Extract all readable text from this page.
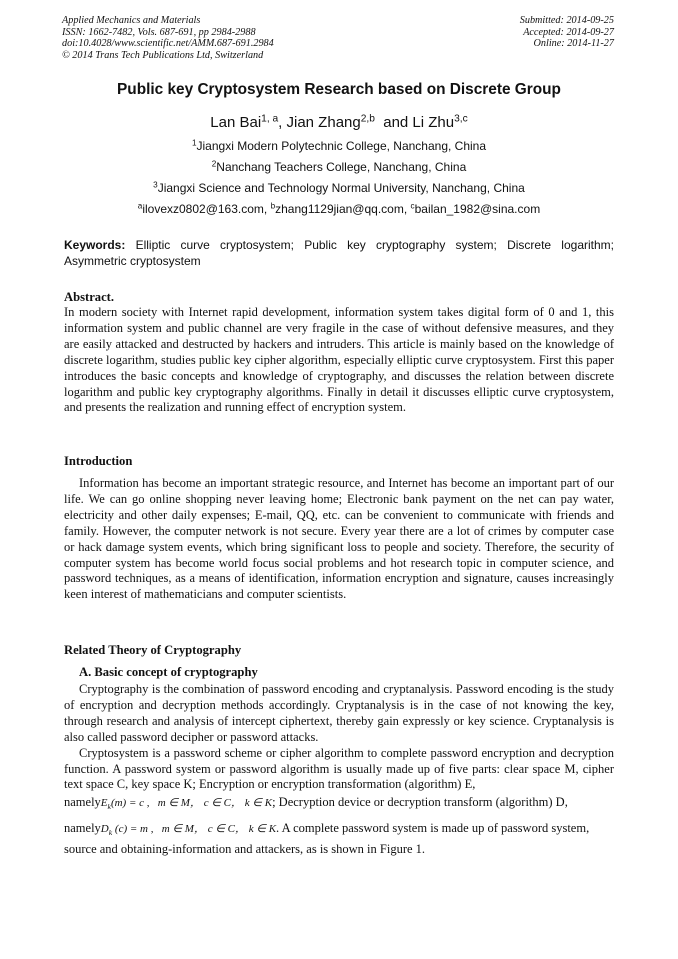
Applied Mechanics and Materials
ISSN: 1662-7482, Vols. 687-691, pp 2984-2988
doi:10.4028/www.scientific.net/AMM.687-691.2984
© 2014 Trans Tech Publications Ltd, Switzerland
Submitted: 2014-09-25
Accepted: 2014-09-27
Online: 2014-11-27
Public key Cryptosystem Research based on Discrete Group
Lan Bai$^{1, a}$, Jian Zhang$^{2,b}$  and Li Zhu$^{3,c}$
$^1$Jiangxi Modern Polytechnic College, Nanchang, China
$^2$Nanchang Teachers College, Nanchang, China
$^3$Jiangxi Science and Technology Normal University, Nanchang, China
$^a$ilovexz0802@163.com, $^b$zhang1129jian@qq.com, $^c$bailan_1982@sina.com
Keywords: Elliptic curve cryptosystem; Public key cryptography system; Discrete logarithm; Asymmetric cryptosystem
Abstract.
In modern society with Internet rapid development, information system takes digital form of 0 and 1, this information system and public channel are very fragile in the case of without defensive measures, and they are easily attacked and destructed by hackers and intruders. This article is mainly based on the knowledge of discrete logarithm, studies public key cipher algorithm, especially elliptic curve cryptosystem. First this paper introduces the basic concepts and knowledge of cryptography, and discusses the relation between discrete logarithm and public key cryptography algorithms. Finally in detail it discusses elliptic curve cryptosystem, and presents the realization and running effect of encryption system.
Introduction
Information has become an important strategic resource, and Internet has become an important part of our life. We can go online shopping never leaving home; Electronic bank payment on the net can pay water, electricity and other daily expenses; E-mail, QQ, etc. can be convenient to communicate with friends and family. However, the computer network is not secure. Every year there are a lot of crimes by computer case or hack damage system events, which bring significant loss to people and society. Therefore, the security of computer system has become world focus social problems and hot research topic in computer science, and password techniques, as a means of identification, information encryption and signature, causes increasingly keen interest of mathematicians and computer scientists.
Related Theory of Cryptography
A. Basic concept of cryptography

Cryptography is the combination of password encoding and cryptanalysis. Password encoding is the study of encryption and decryption methods accordingly. Cryptanalysis is in the case of not knowing the key, through research and analysis of intercept ciphertext, thereby gain expressly or key science. Cryptanalysis is also called password decipher or password attacks.

Cryptosystem is a password scheme or cipher algorithm to complete password encryption and decryption function. A password system or password algorithm is usually made up of five parts: clear space M, cipher text space C, key space K; Encryption or encryption transformation (algorithm) E,

namelyE$_k$(m) = c ,   m ∈ M， c ∈ C， k ∈ K; Decryption device or decryption transform (algorithm) D,

namelyD$_k$ (c) = m ,   m ∈ M， c ∈ C， k ∈ K. A complete password system is made up of password system,

source and obtaining-information and attackers, as is shown in Figure 1.
